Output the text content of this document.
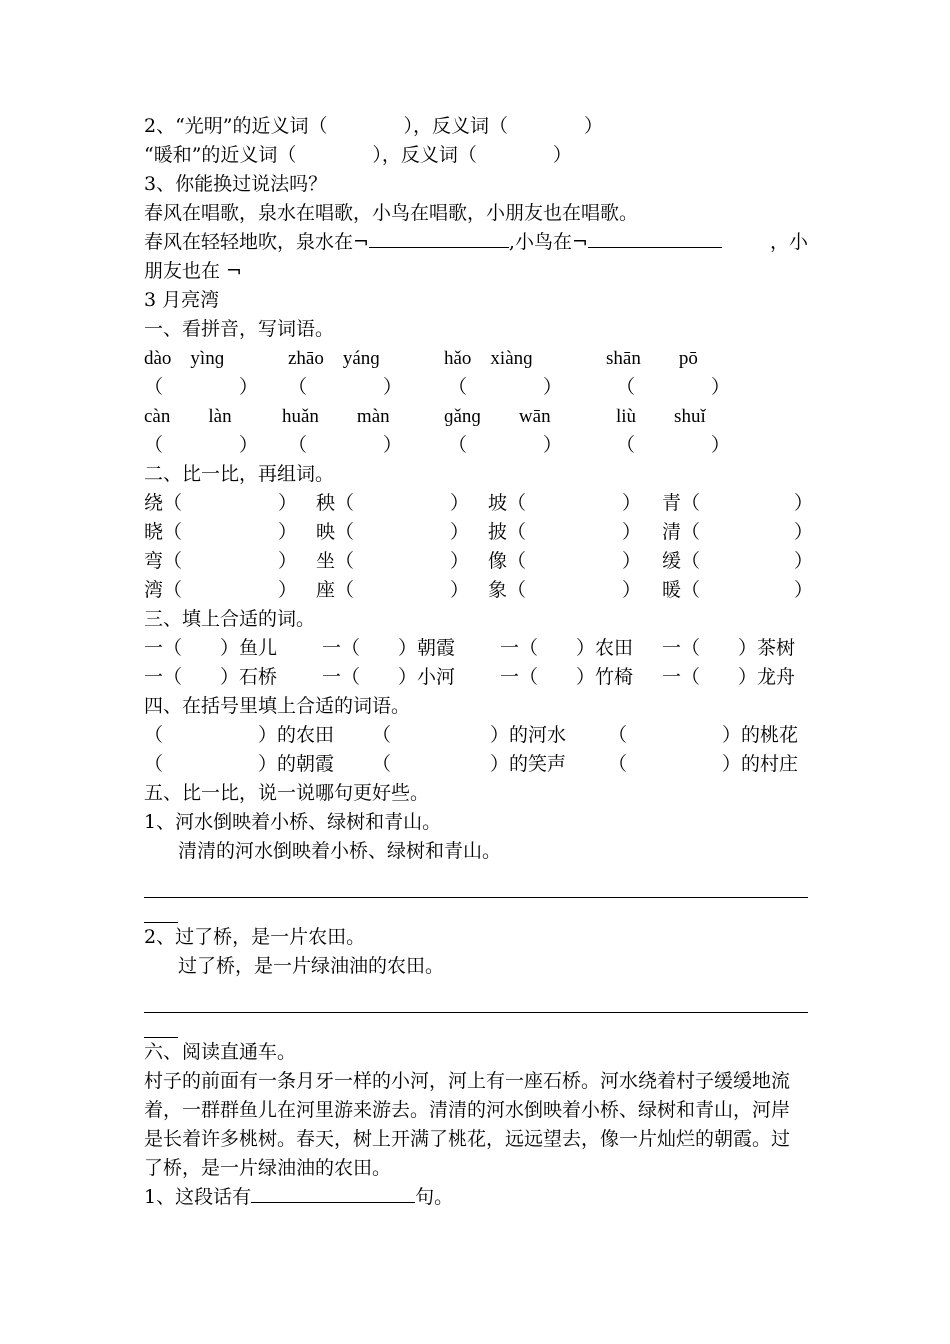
2、“光明”的近义词（　　　　），反义词（　　　　）
“暖和”的近义词（　　　　），反义词（　　　　）
3、你能换过说法吗？
春风在唱歌，泉水在唱歌，小鸟在唱歌，小朋友也在唱歌。
春风在轻轻地吹，泉水在¬	,小鸟在¬	，小
朋友也在 ¬
3 月亮湾
一、看拼音，写词语。
dào　yìnɡ	zhāo　yánɡ	hǎo　xiànɡ	shān　　pō
（　　　　） （　　　　） （　　　　）	（　　　　）
càn　　làn	huǎn　　màn	ɡǎnɡ　　wān	liù　　shuǐ
（　　　　） （　　　　） （　　　　）	（　　　　）
二、比一比，再组词。
绕（	） 秧（	） 坡（	） 青（	）
晓（	） 映（	） 披（	） 清（	）
弯（	） 坐（	） 像（	） 缓（	）
湾（	） 座（	） 象（	） 暖（	）
三、填上合适的词。
一（　　）鱼儿 一（　　）朝霞 一（　　）农田 一（　　）茶树
一（　　）石桥 一（　　）小河 一（　　）竹椅 一（　　）龙舟
四、在括号里填上合适的词语。
（	）的农田 （	）的河水 （	）的桃花
（	）的朝霞 （	）的笑声 （	）的村庄
五、比一比，说一说哪句更好些。
1、河水倒映着小桥、绿树和青山。
清清的河水倒映着小桥、绿树和青山。
2、过了桥，是一片农田。
过了桥，是一片绿油油的农田。
六、阅读直通车。
村子的前面有一条月牙一样的小河，河上有一座石桥。河水绕着村子缓缓地流着，一群群鱼儿在河里游来游去。清清的河水倒映着小桥、绿树和青山，河岸是长着许多桃树。春天，树上开满了桃花，远远望去，像一片灿烂的朝霞。过了桥，是一片绿油油的农田。
1、这段话有	句。
